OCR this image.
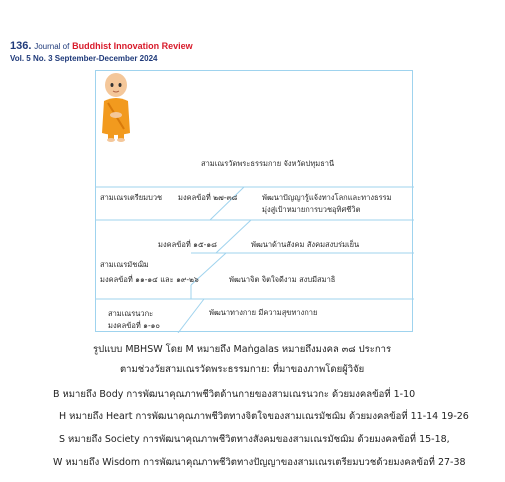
136. Journal of Buddhist Innovation Review
Vol. 5 No. 3 September-December 2024
สามเณรวัดพระธรรมกาย จังหวัดปทุมธานี
สามเณรเตรียมบวช มงคลข้อที่ ๒๗-๓๘	พัฒนาปัญญารู้แจ้งทางโลกและทางธรรม
มุ่งสู่เป้าหมายการบวชอุทิศชีวิต
มงคลข้อที่ ๑๕-๑๘	พัฒนาด้านสังคม สังคมสงบร่มเย็น
สามเณรมัชฌิม
มงคลข้อที่ ๑๑-๑๔ และ ๑๙-๒๖	พัฒนาจิต จิตใจดีงาม สงบมีสมาธิ
สามเณรนวกะ
มงคลข้อที่ ๑-๑๐
พัฒนาทางกาย มีความสุขทางกาย
รูปแบบ MBHSW โดย M หมายถึง Maṅgalas หมายถึงมงคล ๓๘ ประการ
ตามช่วงวัยสามเณรวัดพระธรรมกาย: ที่มาของภาพโดยผู้วิจัย
B หมายถึง Body การพัฒนาคุณภาพชีวิตด้านกายของสามเณรนวกะ ด้วยมงคลข้อที่ 1-10
H หมายถึง Heart การพัฒนาคุณภาพชีวิตทางจิตใจของสามเณรมัชฌิม ด้วยมงคลข้อที่ 11-14 19-26
S หมายถึง Society การพัฒนาคุณภาพชีวิตทางสังคมของสามเณรมัชฌิม ด้วยมงคลข้อที่ 15-18,
W หมายถึง Wisdom การพัฒนาคุณภาพชีวิตทางปัญญาของสามเณรเตรียมบวชด้วยมงคลข้อที่ 27-38
